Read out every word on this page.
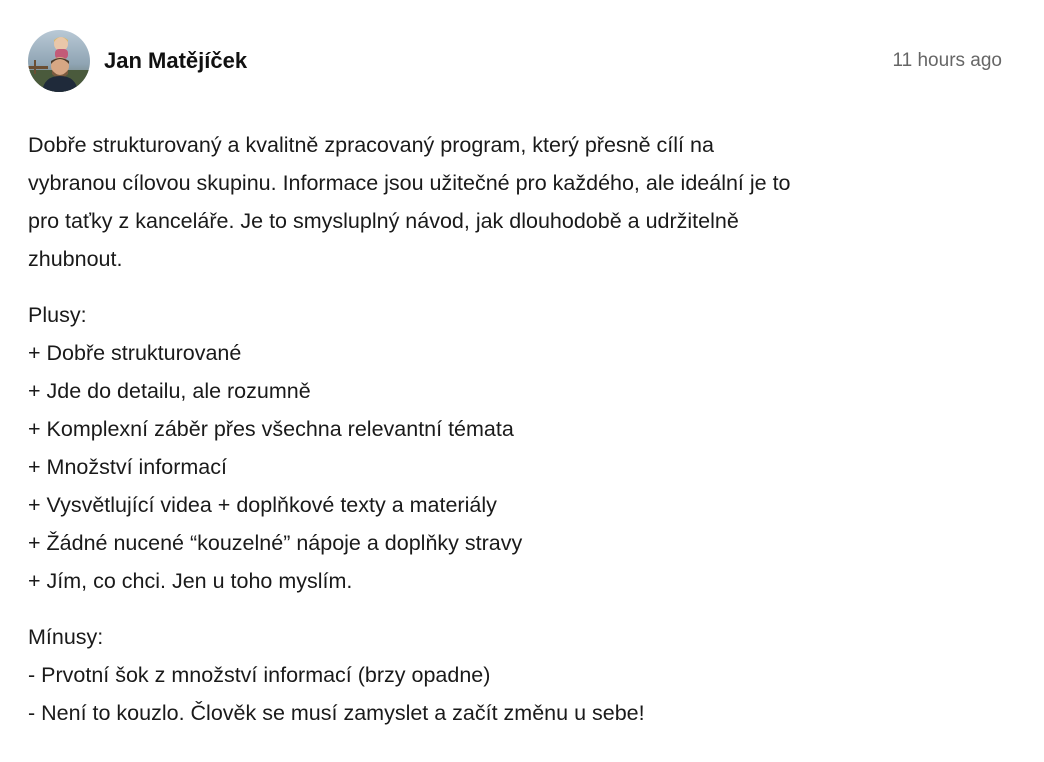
Jan Matějíček	11 hours ago
Dobře strukturovaný a kvalitně zpracovaný program, který přesně cílí na
vybranou cílovou skupinu. Informace jsou užitečné pro každého, ale ideální je to
pro taťky z kanceláře. Je to smysluplný návod, jak dlouhodobě a udržitelně
zhubnout.
Plusy:
+ Dobře strukturované
+ Jde do detailu, ale rozumně
+ Komplexní záběr přes všechna relevantní témata
+ Množství informací
+ Vysvětlující videa + doplňkové texty a materiály
+ Žádné nucené “kouzelné” nápoje a doplňky stravy
+ Jím, co chci. Jen u toho myslím.
Mínusy:
- Prvotní šok z množství informací (brzy opadne)
- Není to kouzlo. Člověk se musí zamyslet a začít změnu u sebe!
